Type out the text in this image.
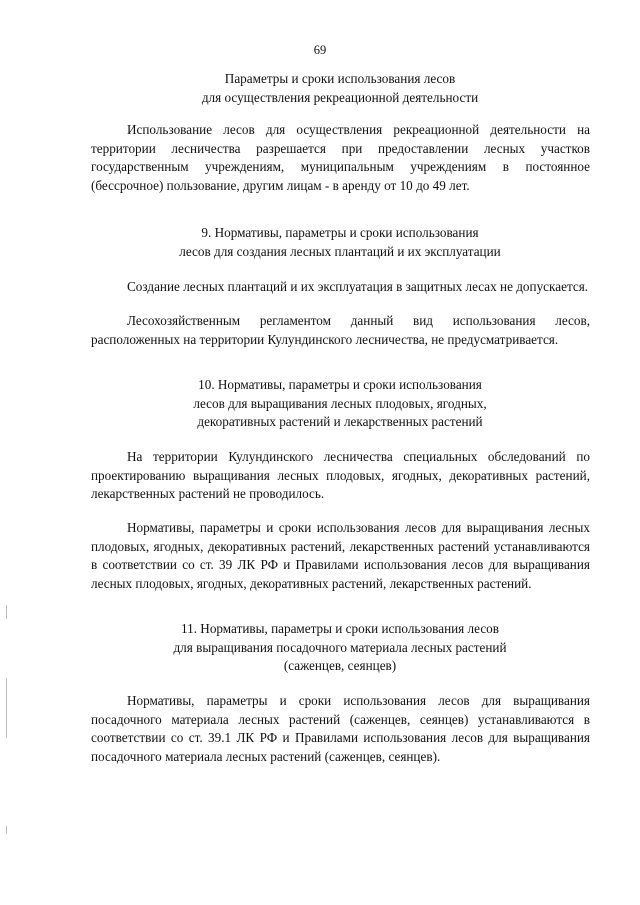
69
Параметры и сроки использования лесов
для осуществления рекреационной деятельности
Использование лесов для осуществления рекреационной деятельности на территории лесничества разрешается при предоставлении лесных участков государственным учреждениям, муниципальным учреждениям в постоянное (бессрочное) пользование, другим лицам - в аренду от 10 до 49 лет.
9. Нормативы, параметры и сроки использования
лесов для создания лесных плантаций и их эксплуатации
Создание лесных плантаций и их эксплуатация в защитных лесах не допускается.
Лесохозяйственным регламентом данный вид использования лесов, расположенных на территории Кулундинского лесничества, не предусматривается.
10. Нормативы, параметры и сроки использования
лесов для выращивания лесных плодовых, ягодных,
декоративных растений и лекарственных растений
На территории Кулундинского лесничества специальных обследований по проектированию выращивания лесных плодовых, ягодных, декоративных растений, лекарственных растений не проводилось.
Нормативы, параметры и сроки использования лесов для выращивания лесных плодовых, ягодных, декоративных растений, лекарственных растений устанавливаются в соответствии со ст. 39 ЛК РФ и Правилами использования лесов для выращивания лесных плодовых, ягодных, декоративных растений, лекарственных растений.
11. Нормативы, параметры и сроки использования лесов
для выращивания посадочного материала лесных растений
(саженцев, сеянцев)
Нормативы, параметры и сроки использования лесов для выращивания посадочного материала лесных растений (саженцев, сеянцев) устанавливаются в соответствии со ст. 39.1 ЛК РФ и Правилами использования лесов для выращивания посадочного материала лесных растений (саженцев, сеянцев).
